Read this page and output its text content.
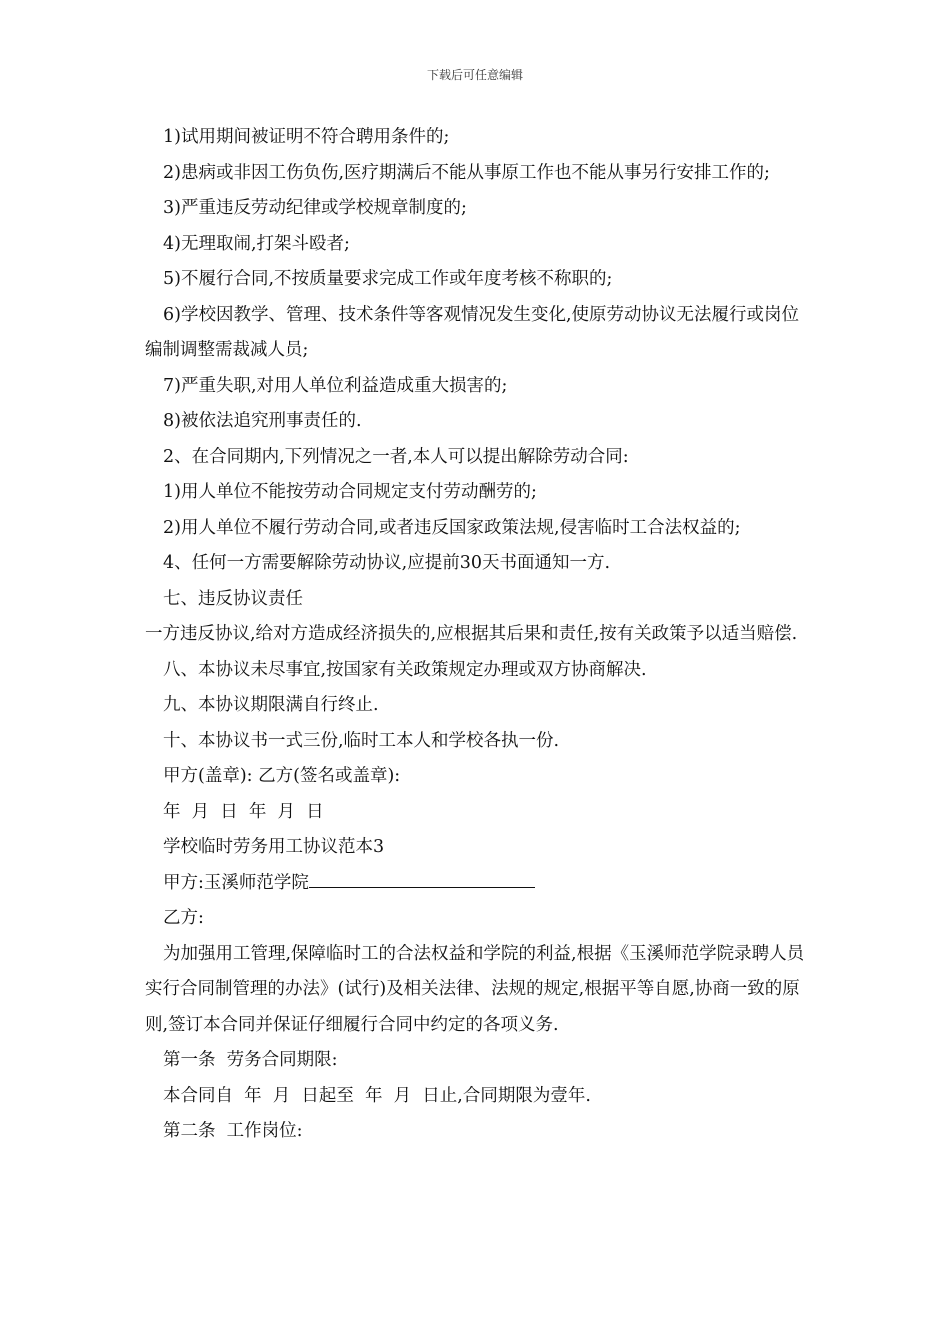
下载后可任意编辑

1)试用期间被证明不符合聘用条件的;

2)患病或非因工伤负伤,医疗期满后不能从事原工作也不能从事另行安排工作的;

3)严重违反劳动纪律或学校规章制度的;

4)无理取闹,打架斗殴者;

5)不履行合同,不按质量要求完成工作或年度考核不称职的;

6)学校因教学、管理、技术条件等客观情况发生变化,使原劳动协议无法履行或岗位编制调整需裁减人员;

7)严重失职,对用人单位利益造成重大损害的;

8)被依法追究刑事责任的.

2、在合同期内,下列情况之一者,本人可以提出解除劳动合同:

1)用人单位不能按劳动合同规定支付劳动酬劳的;

2)用人单位不履行劳动合同,或者违反国家政策法规,侵害临时工合法权益的;

4、任何一方需要解除劳动协议,应提前30天书面通知一方.

七、违反协议责任

一方违反协议,给对方造成经济损失的,应根据其后果和责任,按有关政策予以适当赔偿.

八、本协议未尽事宜,按国家有关政策规定办理或双方协商解决.

九、本协议期限满自行终止.

十、本协议书一式三份,临时工本人和学校各执一份.

甲方(盖章): 乙方(签名或盖章):

年  月  日  年  月  日

学校临时劳务用工协议范本3

甲方:玉溪师范学院

乙方:

为加强用工管理,保障临时工的合法权益和学院的利益,根据《玉溪师范学院录聘人员实行合同制管理的办法》(试行)及相关法律、法规的规定,根据平等自愿,协商一致的原则,签订本合同并保证仔细履行合同中约定的各项义务.

第一条  劳务合同期限:

本合同自  年  月  日起至  年  月  日止,合同期限为壹年.

第二条  工作岗位:
